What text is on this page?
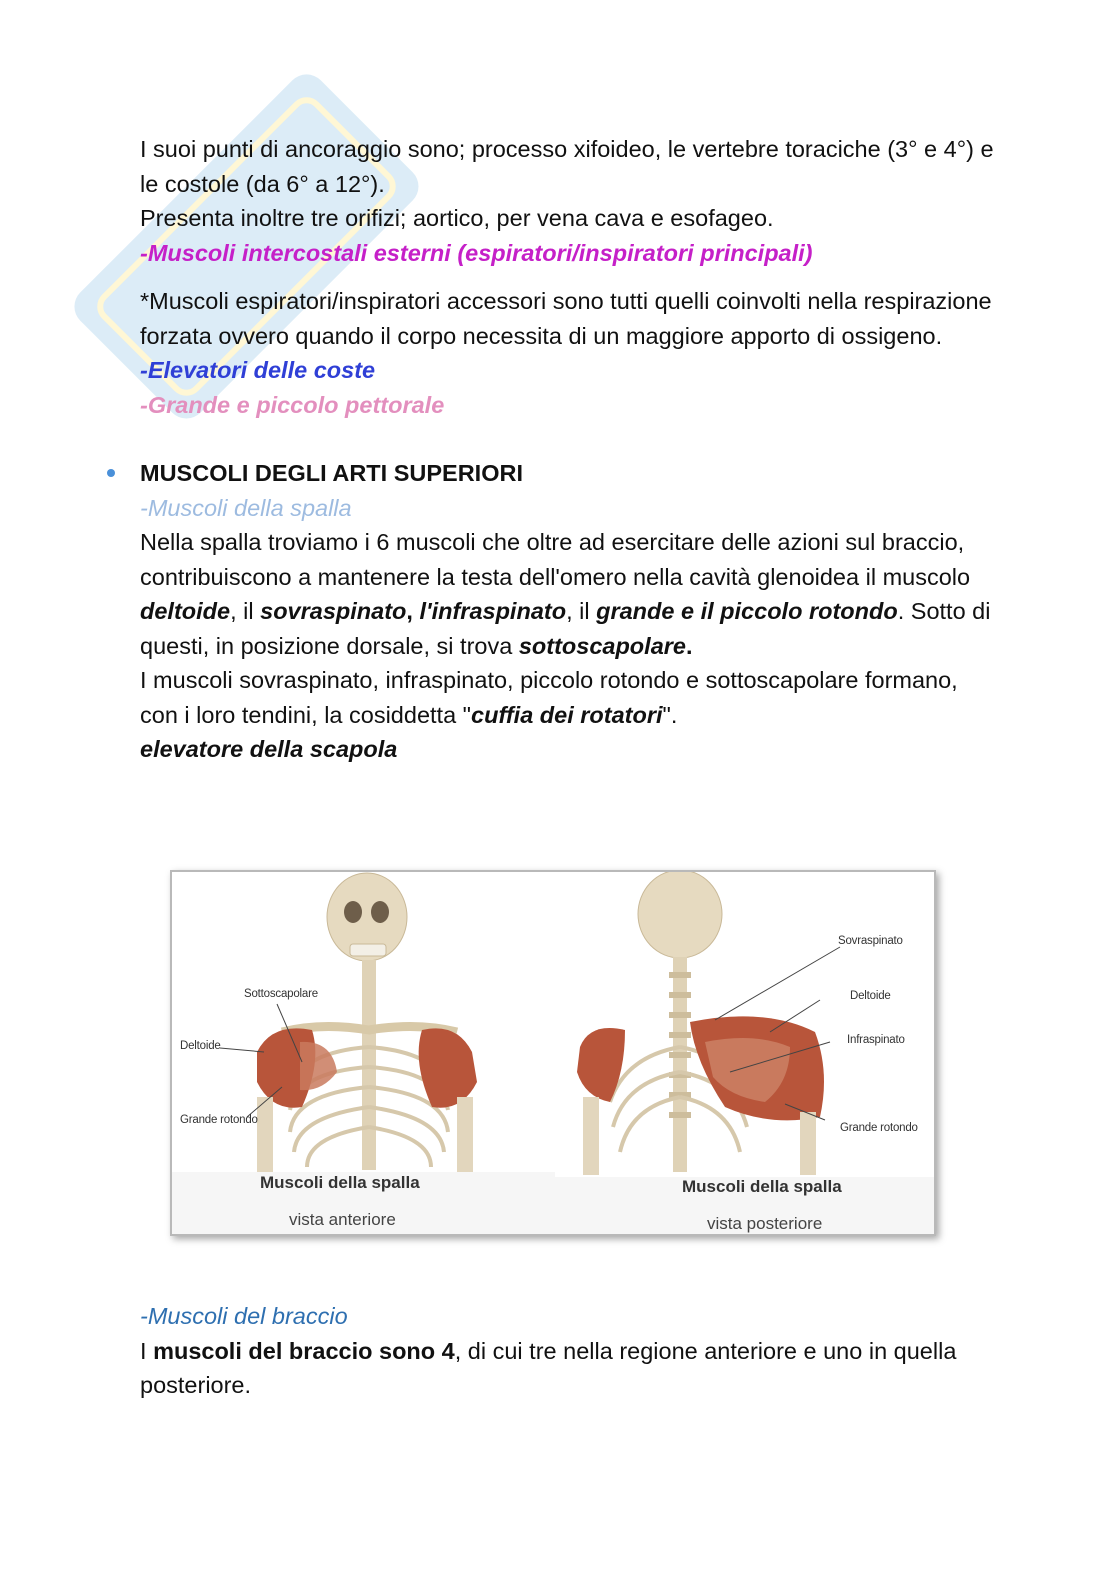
I suoi punti di ancoraggio sono; processo xifoideo, le vertebre toraciche (3° e 4°) e le costole (da 6° a 12°).

Presenta inoltre tre orifizi; aortico, per vena cava e esofageo.

-Muscoli intercostali esterni (espiratori/inspiratori principali)

*Muscoli espiratori/inspiratori accessori sono tutti quelli coinvolti nella respirazione forzata ovvero quando il corpo necessita di un maggiore apporto di ossigeno.

-Elevatori delle coste

-Grande e piccolo pettorale

MUSCOLI DEGLI ARTI SUPERIORI

-Muscoli della spalla

Nella spalla troviamo i 6 muscoli che oltre ad esercitare delle azioni sul braccio, contribuiscono a mantenere la testa dell'omero nella cavità glenoidea il muscolo deltoide, il sovraspinato, l'infraspinato, il grande e il piccolo rotondo. Sotto di questi, in posizione dorsale, si trova sottoscapolare.

I muscoli sovraspinato, infraspinato, piccolo rotondo e sottoscapolare formano, con i loro tendini, la cosiddetta "cuffia dei rotatori".

elevatore della scapola

Sottoscapolare
Deltoide
Grande rotondo
Muscoli della spalla
vista anteriore
Sovraspinato
Deltoide
Infraspinato
Grande rotondo
Muscoli della spalla
vista posteriore

-Muscoli del braccio

I muscoli del braccio sono 4, di cui tre nella regione anteriore e uno in quella posteriore.
